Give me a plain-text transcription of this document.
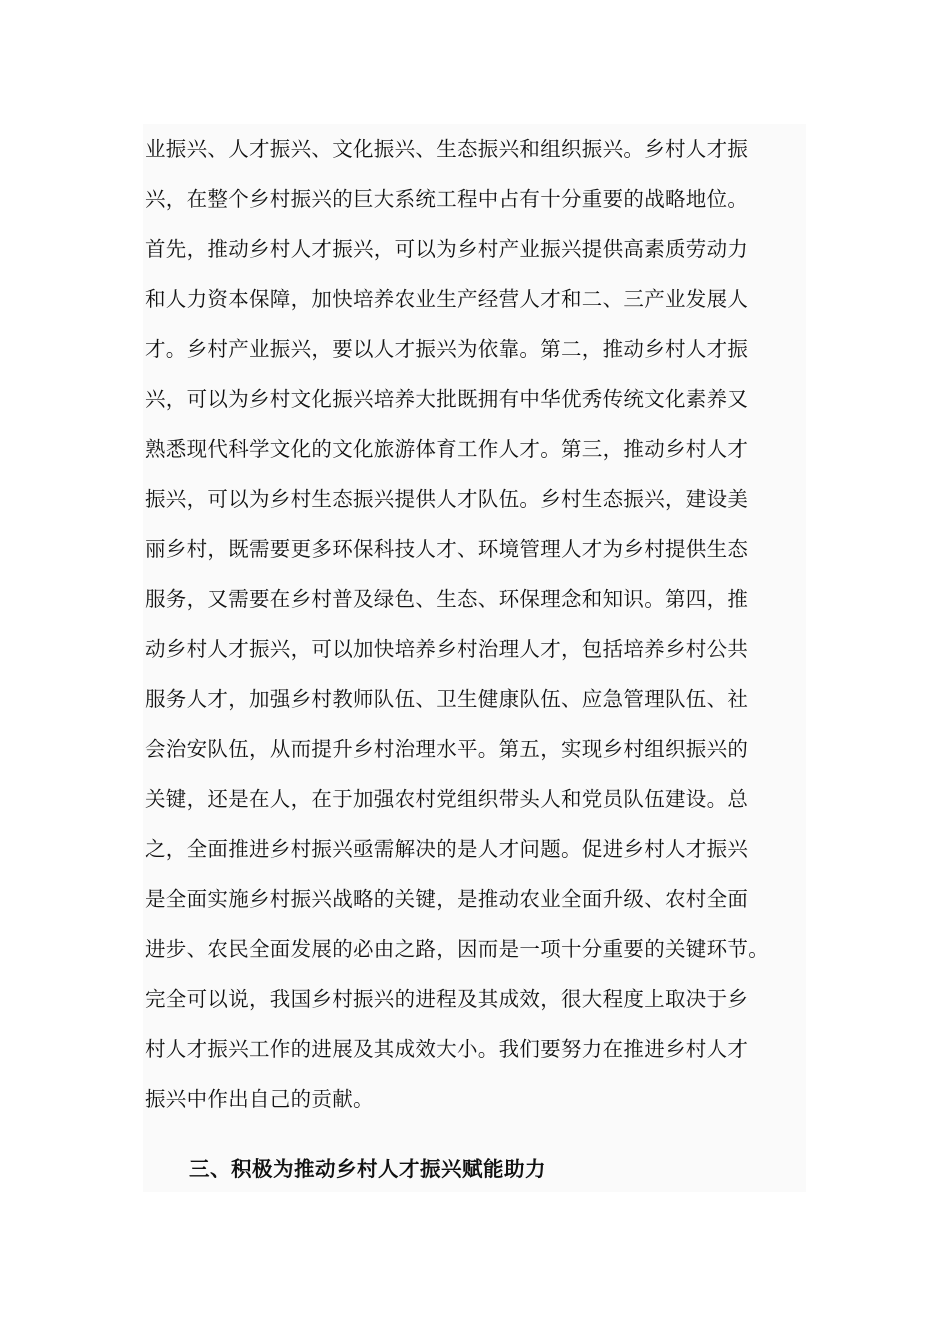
业振兴、人才振兴、文化振兴、生态振兴和组织振兴。乡村人才振
兴，在整个乡村振兴的巨大系统工程中占有十分重要的战略地位。
首先，推动乡村人才振兴，可以为乡村产业振兴提供高素质劳动力
和人力资本保障，加快培养农业生产经营人才和二、三产业发展人
才。乡村产业振兴，要以人才振兴为依靠。第二，推动乡村人才振
兴，可以为乡村文化振兴培养大批既拥有中华优秀传统文化素养又
熟悉现代科学文化的文化旅游体育工作人才。第三，推动乡村人才
振兴，可以为乡村生态振兴提供人才队伍。乡村生态振兴，建设美
丽乡村，既需要更多环保科技人才、环境管理人才为乡村提供生态
服务，又需要在乡村普及绿色、生态、环保理念和知识。第四，推
动乡村人才振兴，可以加快培养乡村治理人才，包括培养乡村公共
服务人才，加强乡村教师队伍、卫生健康队伍、应急管理队伍、社
会治安队伍，从而提升乡村治理水平。第五，实现乡村组织振兴的
关键，还是在人，在于加强农村党组织带头人和党员队伍建设。总
之，全面推进乡村振兴亟需解决的是人才问题。促进乡村人才振兴
是全面实施乡村振兴战略的关键，是推动农业全面升级、农村全面
进步、农民全面发展的必由之路，因而是一项十分重要的关键环节。
完全可以说，我国乡村振兴的进程及其成效，很大程度上取决于乡
村人才振兴工作的进展及其成效大小。我们要努力在推进乡村人才
振兴中作出自己的贡献。
三、积极为推动乡村人才振兴赋能助力
